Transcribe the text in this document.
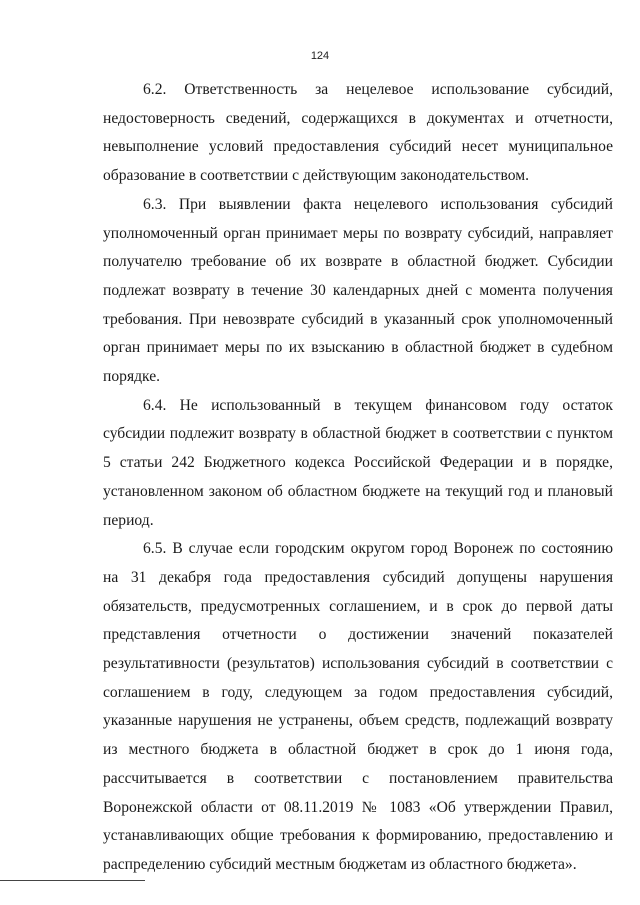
124

6.2. Ответственность за нецелевое использование субсидий, недостоверность сведений, содержащихся в документах и отчетности, невыполнение условий предоставления субсидий несет муниципальное образование в соответствии с действующим законодательством.

6.3. При выявлении факта нецелевого использования субсидий уполномоченный орган принимает меры по возврату субсидий, направляет получателю требование об их возврате в областной бюджет. Субсидии подлежат возврату в течение 30 календарных дней с момента получения требования. При невозврате субсидий в указанный срок уполномоченный орган принимает меры по их взысканию в областной бюджет в судебном порядке.

6.4. Не использованный в текущем финансовом году остаток субсидии подлежит возврату в областной бюджет в соответствии с пунктом 5 статьи 242 Бюджетного кодекса Российской Федерации и в порядке, установленном законом об областном бюджете на текущий год и плановый период.

6.5. В случае если городским округом город Воронеж по состоянию на 31 декабря года предоставления субсидий допущены нарушения обязательств, предусмотренных соглашением, и в срок до первой даты представления отчетности о достижении значений показателей результативности (результатов) использования субсидий в соответствии с соглашением в году, следующем за годом предоставления субсидий, указанные нарушения не устранены, объем средств, подлежащий возврату из местного бюджета в областной бюджет в срок до 1 июня года, рассчитывается в соответствии с постановлением правительства Воронежской области от 08.11.2019 № 1083 «Об утверждении Правил, устанавливающих общие требования к формированию, предоставлению и распределению субсидий местным бюджетам из областного бюджета».
